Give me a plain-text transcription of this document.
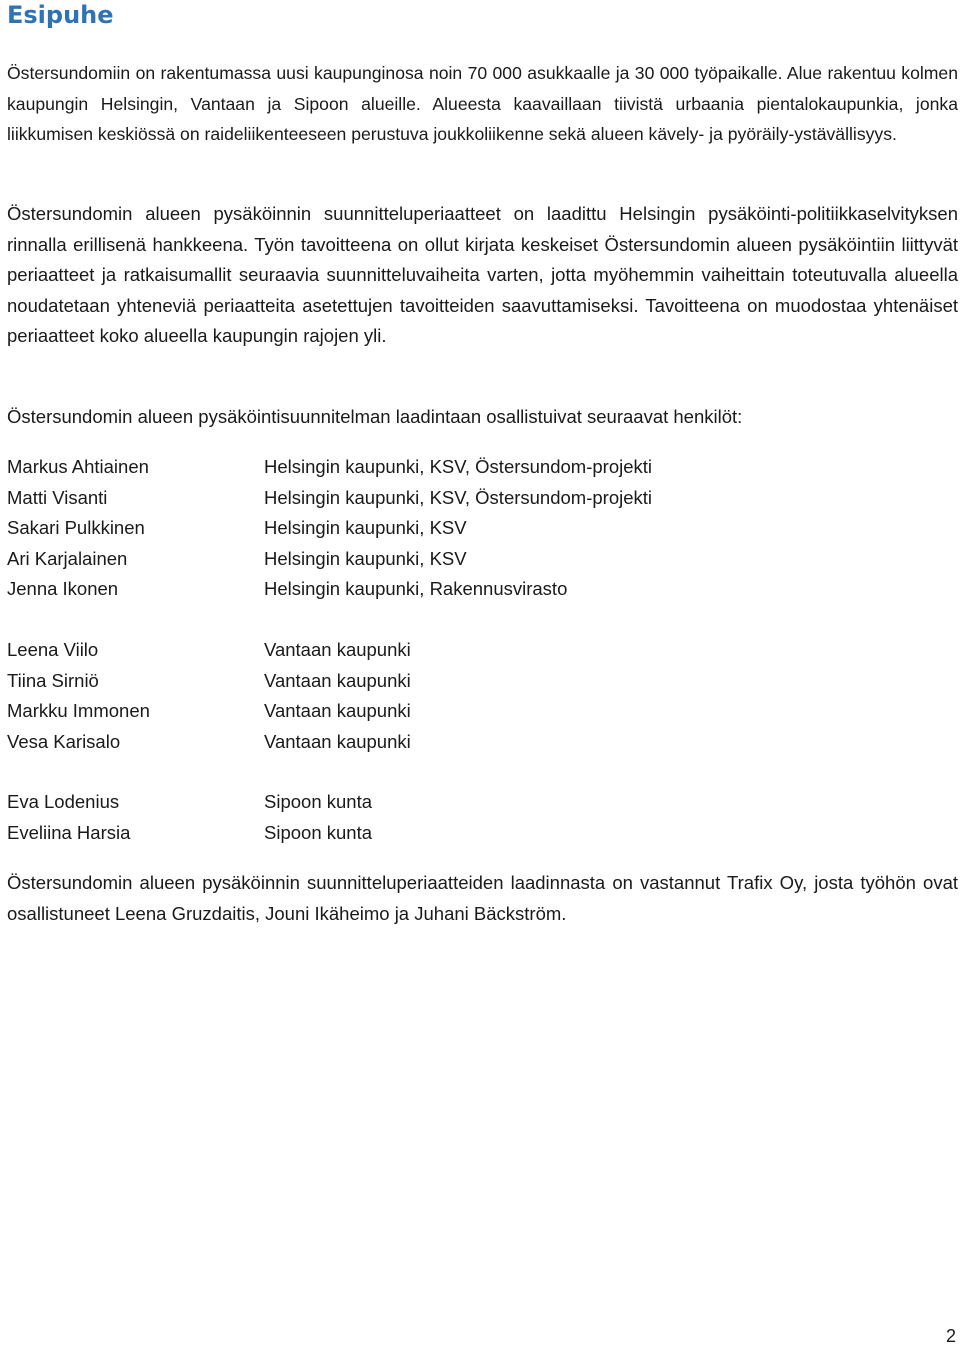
Esipuhe

Östersundomiin on rakentumassa uusi kaupunginosa noin 70 000 asukkaalle ja 30 000 työpaikalle. Alue rakentuu kolmen kaupungin Helsingin, Vantaan ja Sipoon alueille. Alueesta kaavaillaan tiivistä urbaania pientalokaupunkia, jonka liikkumisen keskiössä on raideliikenteeseen perustuva joukkoliikenne sekä alueen kävely- ja pyöräily-ystävällisyys.

Östersundomin alueen pysäköinnin suunnitteluperiaatteet on laadittu Helsingin pysäköinti-politiikkaselvityksen rinnalla erillisenä hankkeena. Työn tavoitteena on ollut kirjata keskeiset Östersundomin alueen pysäköintiin liittyvät periaatteet ja ratkaisumallit seuraavia suunnitteluvaiheita varten, jotta myöhemmin vaiheittain toteutuvalla alueella noudatetaan yhteneviä periaatteita asetettujen tavoitteiden saavuttamiseksi. Tavoitteena on muodostaa yhtenäiset periaatteet koko alueella kaupungin rajojen yli.

Östersundomin alueen pysäköintisuunnitelman laadintaan osallistuivat seuraavat henkilöt:

Markus Ahtiainen	Helsingin kaupunki, KSV, Östersundom-projekti
Matti Visanti	Helsingin kaupunki, KSV, Östersundom-projekti
Sakari Pulkkinen	Helsingin kaupunki, KSV
Ari Karjalainen	Helsingin kaupunki, KSV
Jenna Ikonen	Helsingin kaupunki, Rakennusvirasto
Leena Viilo	Vantaan kaupunki
Tiina Sirniö	Vantaan kaupunki
Markku Immonen	Vantaan kaupunki
Vesa Karisalo	Vantaan kaupunki
Eva Lodenius	Sipoon kunta
Eveliina Harsia	Sipoon kunta

Östersundomin alueen pysäköinnin suunnitteluperiaatteiden laadinnasta on vastannut Trafix Oy, josta työhön ovat osallistuneet Leena Gruzdaitis, Jouni Ikäheimo ja Juhani Bäckström.

2
